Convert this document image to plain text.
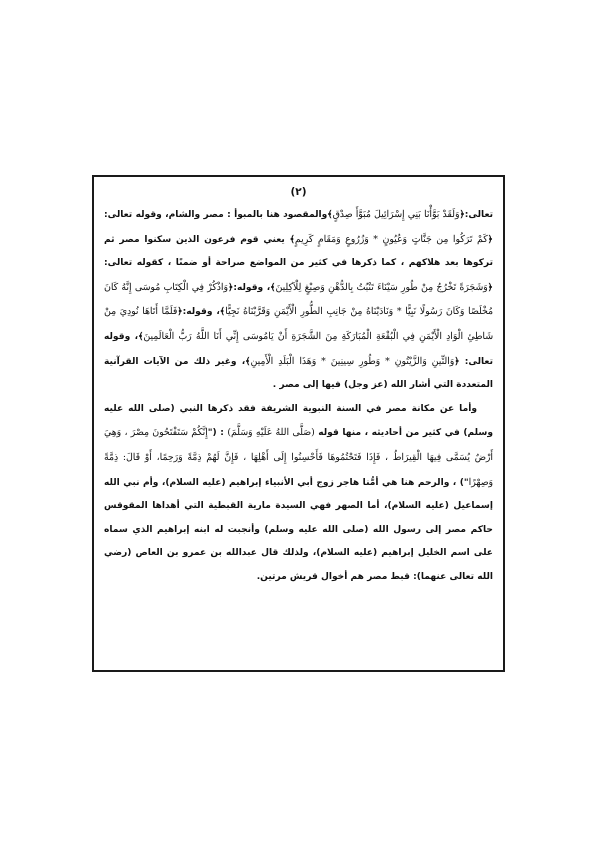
(٢)

تعالى:﴿وَلَقَدْ بَوَّأْنَا بَنِي إِسْرَائِيلَ مُبَوَّأَ صِدْقٍ﴾والمقصود هنا بالمبوأ : مصر والشام، وقوله تعالى:﴿كَمْ تَرَكُوا مِن جَنَّاتٍ وَعُيُونٍ * وَزُرُوعٍ وَمَقَامٍ كَرِيمٍ﴾ يعني قوم فرعون الذين سكنوا مصر ثم تركوها بعد هلاكهم ، كما ذكرها في كثير من المواضع صراحة أو ضمنًا ، كقوله تعالى: ﴿وَشَجَرَةً تَخْرُجُ مِنْ طُورِ سَيْنَاءَ تَنْبُتُ بِالدُّهْنِ وَصِبْغٍ لِلْآكِلِينَ﴾، وقوله:﴿وَاذْكُرْ فِي الْكِتَابِ مُوسَى إِنَّهُ كَانَ مُخْلَصًا وَكَانَ رَسُولًا نَبِيًّا * وَنَادَيْنَاهُ مِنْ جَانِبِ الطُّورِ الْأَيْمَنِ وَقَرَّبْنَاهُ نَجِيًّا﴾، وقوله:﴿فَلَمَّا أَتَاهَا نُودِيَ مِنْ شَاطِئِ الْوَادِ الْأَيْمَنِ فِي الْبُقْعَةِ الْمُبَارَكَةِ مِنَ الشَّجَرَةِ أَنْ يَامُوسَى إِنِّي أَنَا اللَّهُ رَبُّ الْعَالَمِينَ﴾، وقوله تعالى: ﴿وَالتِّينِ وَالزَّيْتُونِ * وَطُورِ سِينِينَ * وَهَذَا الْبَلَدِ الْأَمِينِ﴾، وغير ذلك من الآيات القرآنية المتعددة التي أشار الله (عز وجل) فيها إلى مصر .

وأما عن مكانة مصر في السنة النبوية الشريفة فقد ذكرها النبي (صلى الله عليه وسلم) في كثير من أحاديثه ، منها قوله (صَلَّى اللهُ عَلَيْهِ وَسَلَّمَ) : ("إِنَّكُمْ سَتَفْتَحُونَ مِصْرَ ، وَهِيَ أَرْضٌ يُسَمَّى فِيهَا الْقِيرَاطُ ، فَإِذَا فَتَحْتُمُوهَا فَأَحْسِنُوا إِلَى أَهْلِهَا ، فَإِنَّ لَهُمْ ذِمَّةً وَرَحِمًا، أَوْ قَالَ: ذِمَّةً وَصِهْرًا") ، والرحم هنا هي أمُّنا هاجر زوج أبي الأنبياء إبراهيم (عليه السلام)، وأم نبي الله إسماعيل (عليه السلام)، أما الصهر فهي السيدة مارية القبطية التي أهداها المقوقس حاكم مصر إلى رسول الله (صلى الله عليه وسلم) وأنجبت له ابنه إبراهيم الذي سماه على اسم الخليل إبراهيم (عليه السلام)، ولذلك قال عبدالله بن عمرو بن العاص (رضي الله تعالى عنهما): قبط مصر هم أخوال قريش مرتين.
